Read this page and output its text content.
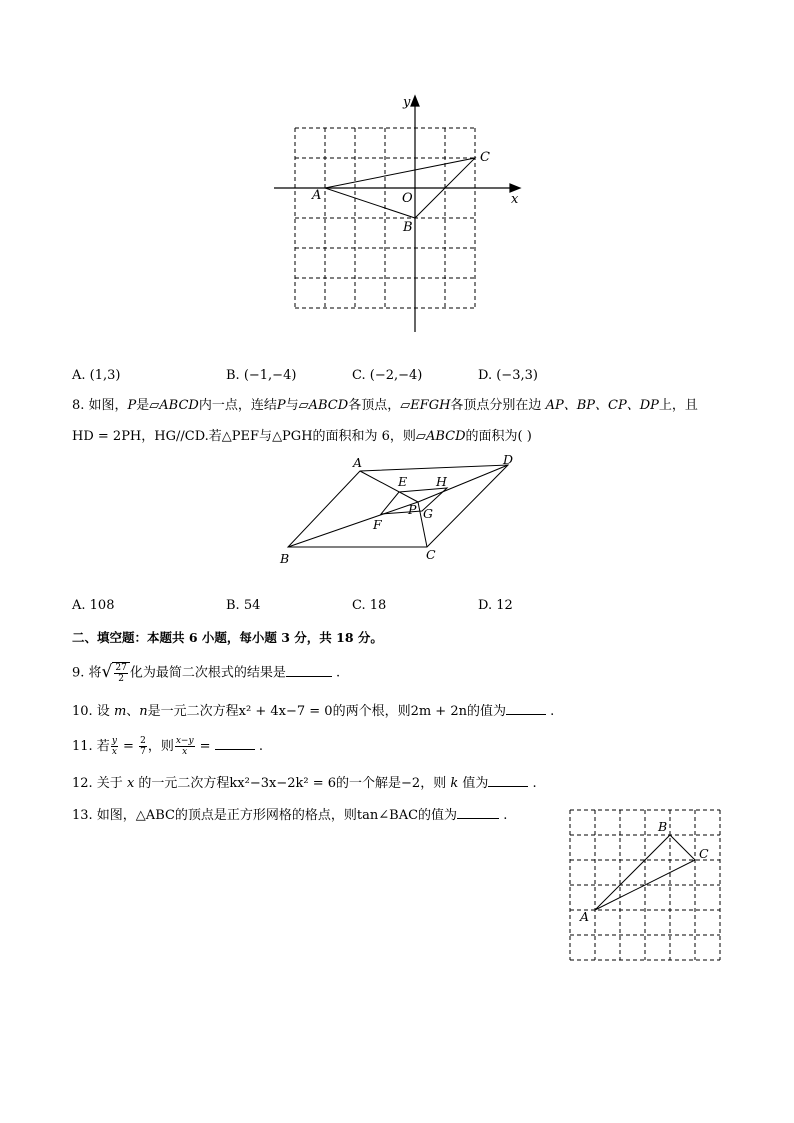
y
x
A	O
B
C
A. (1,3)	B. (−1,−4)	C. (−2,−4)	D. (−3,3)
8. 如图，P是▱ABCD内一点，连结P与▱ABCD各顶点，▱EFGH各顶点分别在边 AP、BP、CP、DP上，且
HD = 2PH，HG//CD.若△PEF与△PGH的面积和为 6，则▱ABCD的面积为( )
A	D
E H
P G
F
B	C
A. 108	B. 54	C. 18	D. 12
二、填空题：本题共 6 小题，每小题 3 分，共 18 分。
9. 将√ $\frac{27}{2}$ 化为最简二次根式的结果是	.
10. 设 m、n是一元二次方程x² + 4x−7 = 0的两个根，则2m + 2n的值为	.
11. 若 $\frac{y}{x} = \frac{2}{7}$ ，则 $\frac{x-y}{x}$ =	.
12. 关于 x 的一元二次方程kx²−3x−2k² = 6的一个解是−2，则 k 值为	.
13. 如图，△ABC的顶点是正方形网格的格点，则tan∠BAC的值为	.
A
B
C
